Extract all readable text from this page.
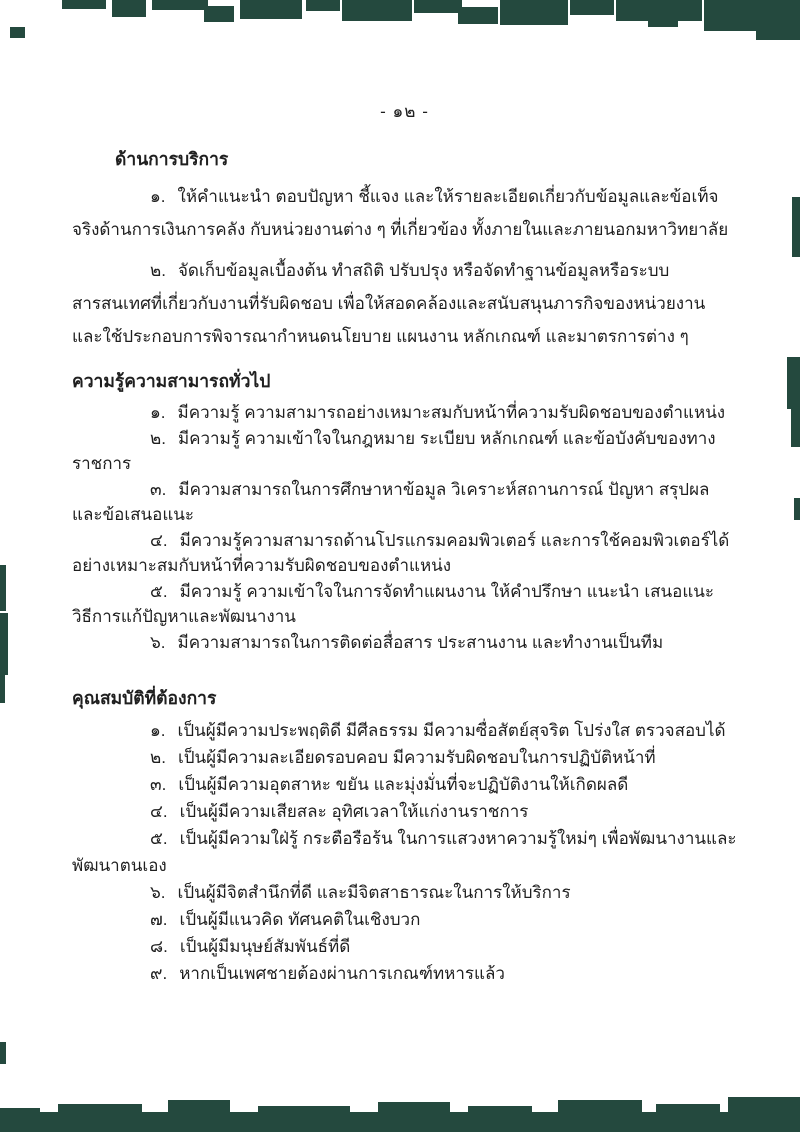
- ๑๒ -
ด้านการบริการ

๑. ให้คำแนะนำ ตอบปัญหา ชี้แจง และให้รายละเอียดเกี่ยวกับข้อมูลและข้อเท็จจริงด้านการเงินการคลัง กับหน่วยงานต่าง ๆ ที่เกี่ยวข้อง ทั้งภายในและภายนอกมหาวิทยาลัย

๒. จัดเก็บข้อมูลเบื้องต้น ทำสถิติ ปรับปรุง หรือจัดทำฐานข้อมูลหรือระบบสารสนเทศที่เกี่ยวกับงานที่รับผิดชอบ เพื่อให้สอดคล้องและสนับสนุนภารกิจของหน่วยงาน และใช้ประกอบการพิจารณากำหนดนโยบาย แผนงาน หลักเกณฑ์ และมาตรการต่าง ๆ

ความรู้ความสามารถทั่วไป

๑. มีความรู้ ความสามารถอย่างเหมาะสมกับหน้าที่ความรับผิดชอบของตำแหน่ง

๒. มีความรู้ ความเข้าใจในกฎหมาย ระเบียบ หลักเกณฑ์ และข้อบังคับของทางราชการ

๓. มีความสามารถในการศึกษาหาข้อมูล วิเคราะห์สถานการณ์ ปัญหา สรุปผล และข้อเสนอแนะ

๔. มีความรู้ความสามารถด้านโปรแกรมคอมพิวเตอร์ และการใช้คอมพิวเตอร์ได้อย่างเหมาะสมกับหน้าที่ความรับผิดชอบของตำแหน่ง

๕. มีความรู้ ความเข้าใจในการจัดทำแผนงาน ให้คำปรึกษา แนะนำ เสนอแนะ วิธีการแก้ปัญหาและพัฒนางาน

๖. มีความสามารถในการติดต่อสื่อสาร ประสานงาน และทำงานเป็นทีม

คุณสมบัติที่ต้องการ

๑. เป็นผู้มีความประพฤติดี มีศีลธรรม มีความซื่อสัตย์สุจริต โปร่งใส ตรวจสอบได้

๒. เป็นผู้มีความละเอียดรอบคอบ มีความรับผิดชอบในการปฏิบัติหน้าที่

๓. เป็นผู้มีความอุตสาหะ ขยัน และมุ่งมั่นที่จะปฏิบัติงานให้เกิดผลดี

๔. เป็นผู้มีความเสียสละ อุทิศเวลาให้แก่งานราชการ

๕. เป็นผู้มีความใฝ่รู้ กระตือรือร้น ในการแสวงหาความรู้ใหม่ๆ เพื่อพัฒนางานและพัฒนาตนเอง

๖. เป็นผู้มีจิตสำนึกที่ดี และมีจิตสาธารณะในการให้บริการ

๗. เป็นผู้มีแนวคิด ทัศนคติในเชิงบวก

๘. เป็นผู้มีมนุษย์สัมพันธ์ที่ดี

๙. หากเป็นเพศชายต้องผ่านการเกณฑ์ทหารแล้ว
